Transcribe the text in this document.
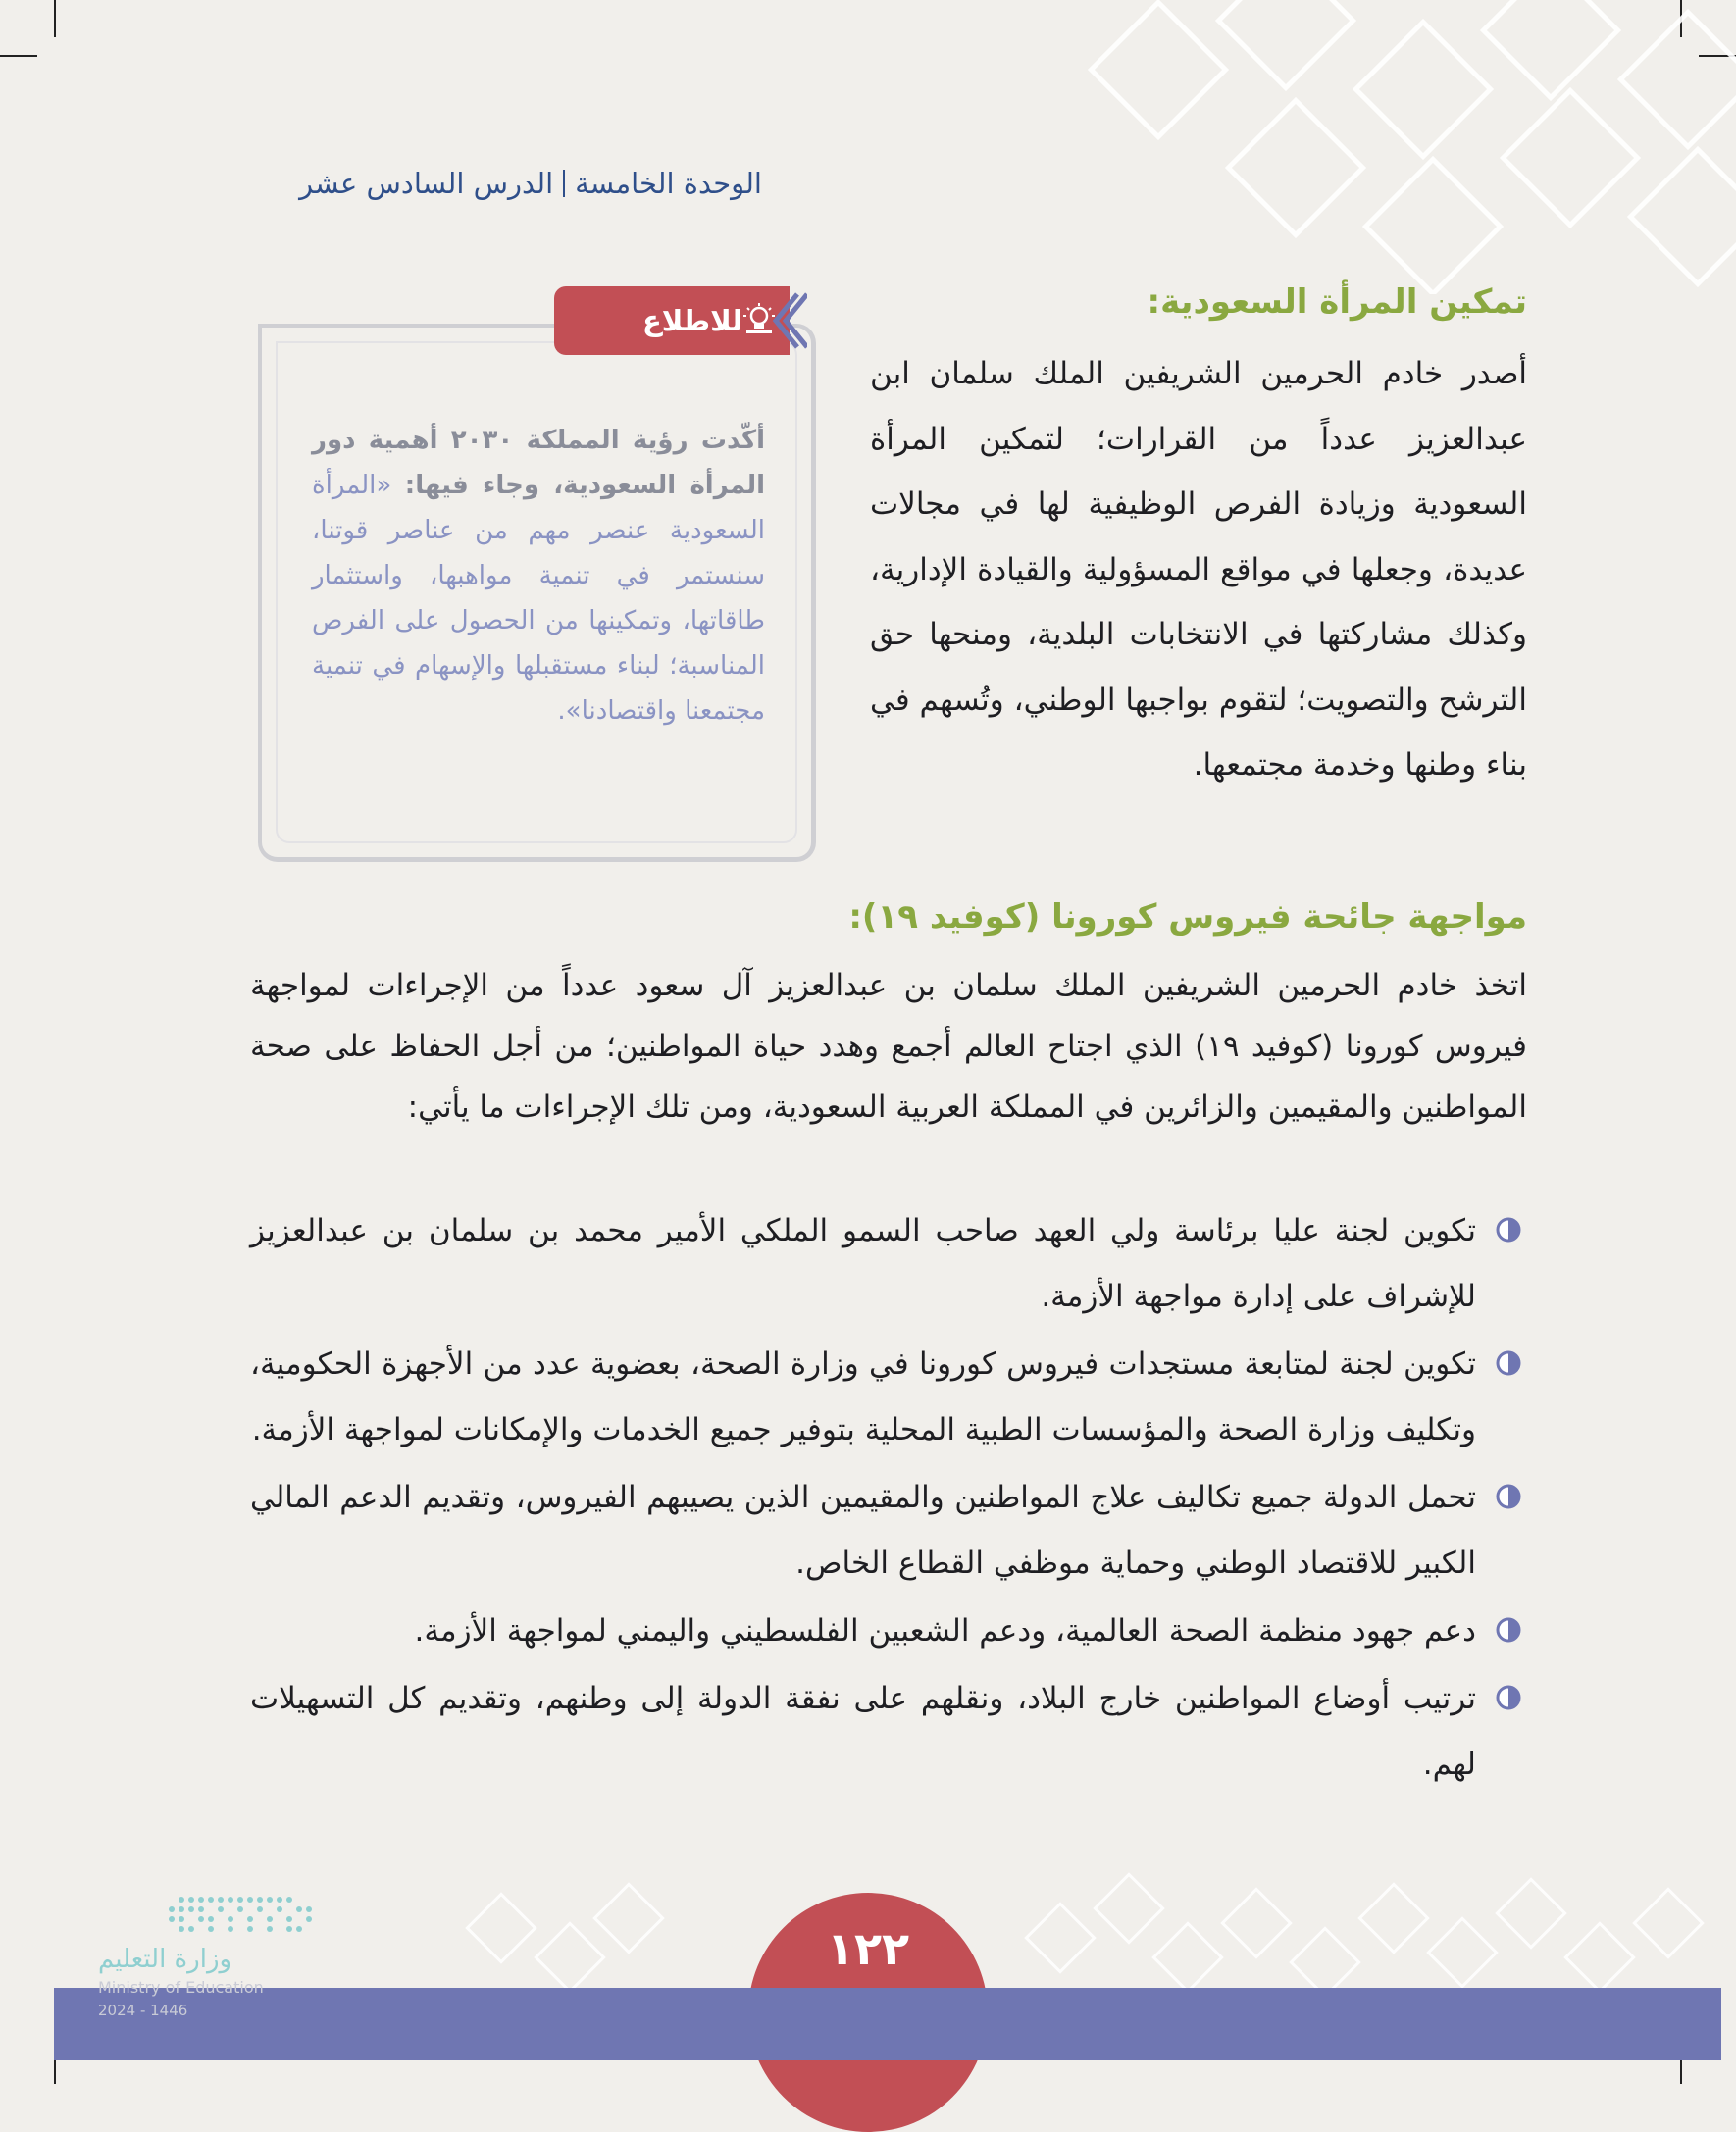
الوحدة الخامسةالدرس السادس عشر
للاطلاع
أكّدت رؤية المملكة ٢٠٣٠ أهمية دور المرأة السعودية، وجاء فيها: «المرأة السعودية عنصر مهم من عناصر قوتنا، سنستمر في تنمية مواهبها، واستثمار طاقاتها، وتمكينها من الحصول على الفرص المناسبة؛ لبناء مستقبلها والإسهام في تنمية مجتمعنا واقتصادنا».
تمكين المرأة السعودية:
أصدر خادم الحرمين الشريفين الملك سلمان ابن عبدالعزيز عدداً من القرارات؛ لتمكين المرأة السعودية وزيادة الفرص الوظيفية لها في مجالات عديدة، وجعلها في مواقع المسؤولية والقيادة الإدارية، وكذلك مشاركتها في الانتخابات البلدية، ومنحها حق الترشح والتصويت؛ لتقوم بواجبها الوطني، وتُسهم في بناء وطنها وخدمة مجتمعها.
مواجهة جائحة فيروس كورونا (كوفيد ١٩):
اتخذ خادم الحرمين الشريفين الملك سلمان بن عبدالعزيز آل سعود عدداً من الإجراءات لمواجهة فيروس كورونا (كوفيد ١٩) الذي اجتاح العالم أجمع وهدد حياة المواطنين؛ من أجل الحفاظ على صحة المواطنين والمقيمين والزائرين في المملكة العربية السعودية، ومن تلك الإجراءات ما يأتي:
تكوين لجنة عليا برئاسة ولي العهد صاحب السمو الملكي الأمير محمد بن سلمان بن عبدالعزيز للإشراف على إدارة مواجهة الأزمة.
تكوين لجنة لمتابعة مستجدات فيروس كورونا في وزارة الصحة، بعضوية عدد من الأجهزة الحكومية، وتكليف وزارة الصحة والمؤسسات الطبية المحلية بتوفير جميع الخدمات والإمكانات لمواجهة الأزمة.
تحمل الدولة جميع تكاليف علاج المواطنين والمقيمين الذين يصيبهم الفيروس، وتقديم الدعم المالي الكبير للاقتصاد الوطني وحماية موظفي القطاع الخاص.
دعم جهود منظمة الصحة العالمية، ودعم الشعبين الفلسطيني واليمني لمواجهة الأزمة.
ترتيب أوضاع المواطنين خارج البلاد، ونقلهم على نفقة الدولة إلى وطنهم، وتقديم كل التسهيلات لهم.
١٢٢
وزارة التعليم
Ministry of Education
2024 - 1446
